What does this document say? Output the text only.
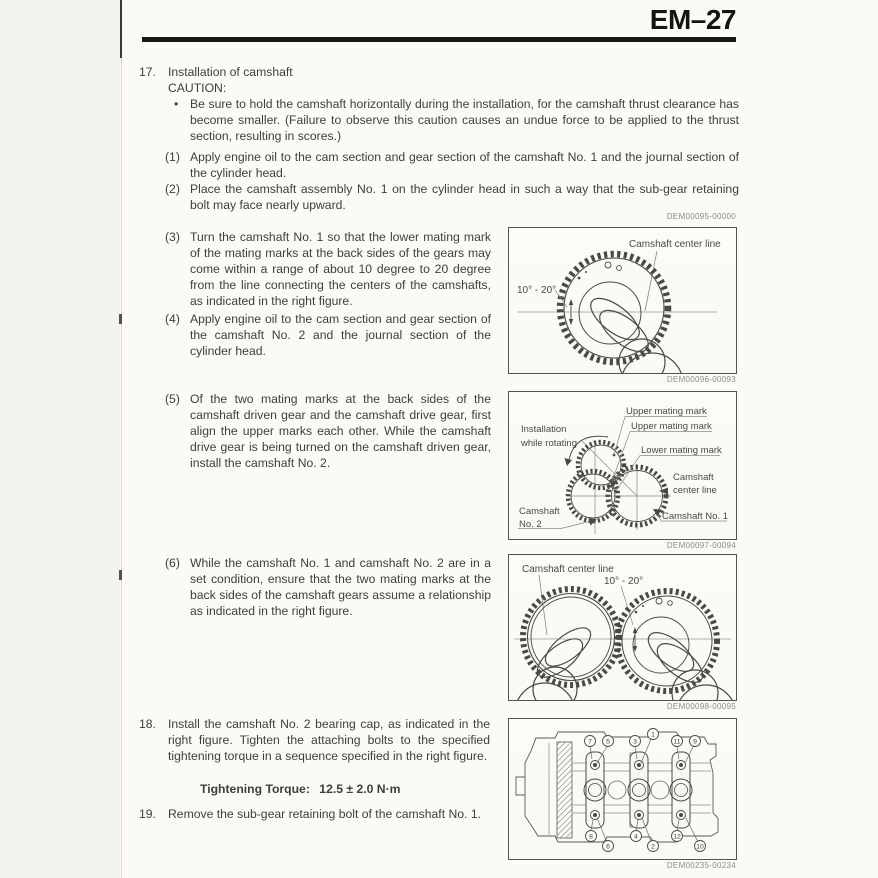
EM–27
17. Installation of camshaft
CAUTION:
• Be sure to hold the camshaft horizontally during the installation, for the camshaft thrust clearance has become smaller. (Failure to observe this caution causes an undue force to be applied to the thrust section, resulting in scores.)
(1) Apply engine oil to the cam section and gear section of the camshaft No. 1 and the journal section of the cylinder head.
(2) Place the camshaft assembly No. 1 on the cylinder head in such a way that the sub-gear retaining bolt may face nearly upward.
DEM00095-00000
(3) Turn the camshaft No. 1 so that the lower mating mark of the mating marks at the back sides of the gears may come within a range of about 10 degree to 20 degree from the line connecting the centers of the camshafts, as indicated in the right figure.
(4) Apply engine oil to the cam section and gear section of the camshaft No. 2 and the journal section of the cylinder head.
(5) Of the two mating marks at the back sides of the camshaft driven gear and the camshaft drive gear, first align the upper marks each other. While the camshaft drive gear is being turned on the camshaft driven gear, install the camshaft No. 2.
(6) While the camshaft No. 1 and camshaft No. 2 are in a set condition, ensure that the two mating marks at the back sides of the camshaft gears assume a relationship as indicated in the right figure.
18. Install the camshaft No. 2 bearing cap, as indicated in the right figure. Tighten the attaching bolts to the specified tightening torque in a sequence specified in the right figure.
Tightening Torque: 12.5 ± 2.0 N·m
19. Remove the sub-gear retaining bolt of the camshaft No. 1.
Camshaft center line
10° - 20°
DEM00096-00093
Upper mating mark
Upper mating mark
Lower mating mark
Installation
while rotating
Camshaft
center line
Camshaft
No. 2
Camshaft No. 1
DEM00097-00094
Camshaft center line
10° - 20°
DEM00098-00095
7 5	3
1
11 9
8
6
4
2
12
10
DEM00235-00234
